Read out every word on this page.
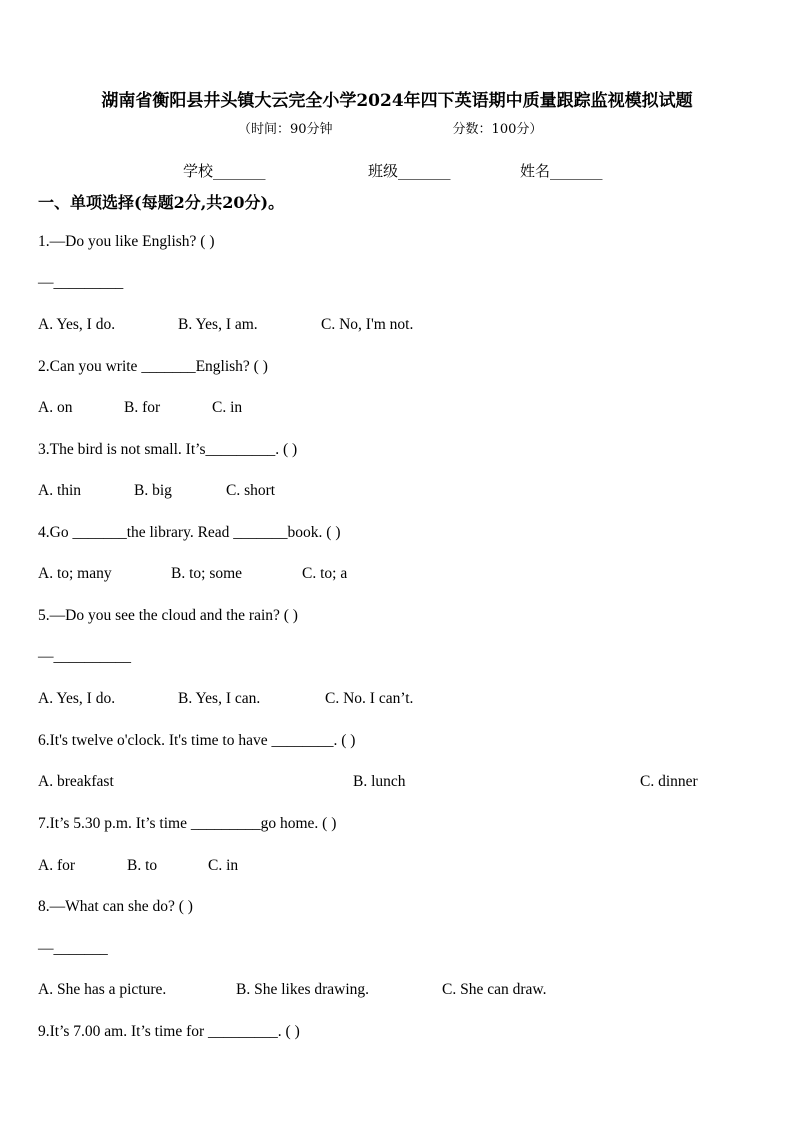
湖南省衡阳县井头镇大云完全小学2024年四下英语期中质量跟踪监视模拟试题
（时间：90分钟	分数：100分）
学校_______	班级_______	姓名_______
一、单项选择(每题2分,共20分)。
1.—Do you like English? ( )
—_________
A. Yes, I do.	B. Yes, I am.	C. No, I'm not.
2.Can you write _______English? ( )
A. on	B. for	C. in
3.The bird is not small. It’s_________. ( )
A. thin	B. big	C. short
4.Go _______the library. Read _______book. ( )
A. to; many	B. to; some	C. to; a
5.—Do you see the cloud and the rain? ( )
—__________
A. Yes, I do.	B. Yes, I can.	C. No. I can’t.
6.It's twelve o'clock. It's time to have ________. ( )
A. breakfast	B. lunch	C. dinner
7.It’s 5.30 p.m. It’s time _________go home. ( )
A. for	B. to	C. in
8.—What can she do? ( )
—_______
A. She has a picture.	B. She likes drawing.	C. She can draw.
9.It’s 7.00 am. It’s time for _________. ( )
